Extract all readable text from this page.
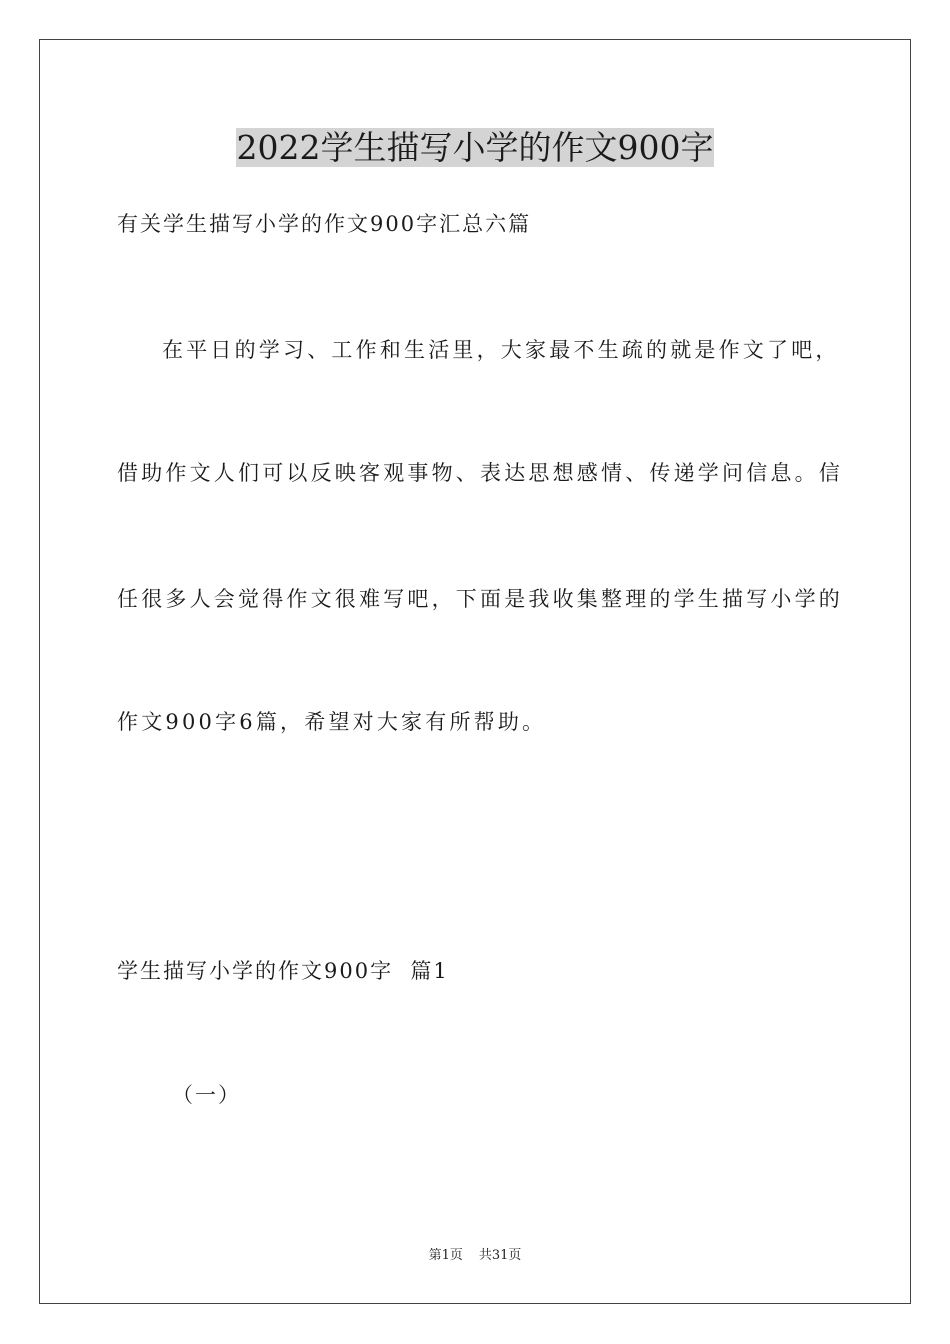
2022学生描写小学的作文900字
有关学生描写小学的作文900字汇总六篇
在平日的学习、工作和生活里，大家最不生疏的就是作文了吧，
借助作文人们可以反映客观事物、表达思想感情、传递学问信息。信
任很多人会觉得作文很难写吧，下面是我收集整理的学生描写小学的
作文900字6篇，希望对大家有所帮助。
学生描写小学的作文900字  篇1
（一）
第1页 共31页
